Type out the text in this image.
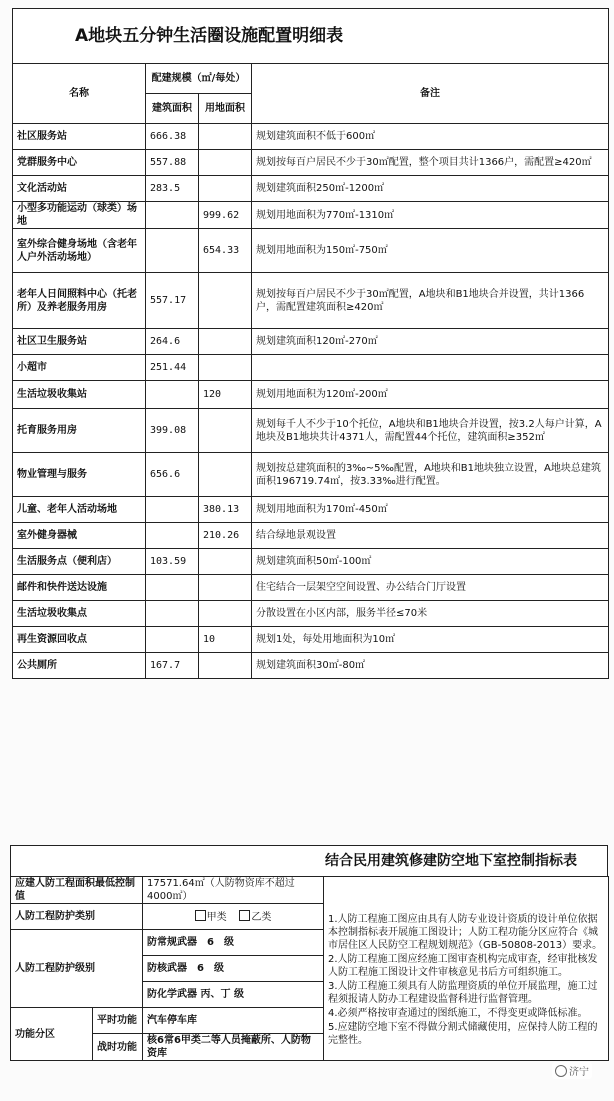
A地块五分钟生活圈设施配置明细表			
名称	配建规模（㎡/每处）		备注
	建筑面积	用地面积	
社区服务站	666.38		规划建筑面积不低于600㎡
党群服务中心	557.88		规划按每百户居民不少于30㎡配置，整个项目共计1366户，需配置≥420㎡
文化活动站	283.5		规划建筑面积250㎡-1200㎡
小型多功能运动（球类）场地		999.62	规划用地面积为770㎡-1310㎡
室外综合健身场地（含老年人户外活动场地）		654.33	规划用地面积为150㎡-750㎡
老年人日间照料中心（托老所）及养老服务用房	557.17		规划按每百户居民不少于30㎡配置，A地块和B1地块合并设置，共计1366户，需配置建筑面积≥420㎡
社区卫生服务站	264.6		规划建筑面积120㎡-270㎡
小超市	251.44		
生活垃圾收集站		120	规划用地面积为120㎡-200㎡
托育服务用房	399.08		规划每千人不少于10个托位，A地块和B1地块合并设置，按3.2人每户计算，A地块及B1地块共计4371人，需配置44个托位，建筑面积≥352㎡
物业管理与服务	656.6		规划按总建筑面积的3‰~5‰配置，A地块和B1地块独立设置，A地块总建筑面积196719.74㎡，按3.33‰进行配置。
儿童、老年人活动场地		380.13	规划用地面积为170㎡-450㎡
室外健身器械		210.26	结合绿地景观设置
生活服务点（便利店）	103.59		规划建筑面积50㎡-100㎡
邮件和快件送达设施			住宅结合一层架空空间设置、办公结合门厅设置
生活垃圾收集点			分散设置在小区内部，服务半径≤70米
再生资源回收点		10	规划1处，每处用地面积为10㎡
公共厕所	167.7		规划建筑面积30㎡-80㎡
结合民用建筑修建防空地下室控制指标表
应建人防工程面积最低控制值		17571.64㎡（人防物资库不超过4000㎡）	1.人防工程施工图应由具有人防专业设计资质的设计单位依据本控制指标表开展施工图设计；人防工程功能分区应符合《城市居住区人民防空工程规划规范》（GB-50808-2013）要求。
2.人防工程施工图应经施工图审查机构完成审查，经审批核发人防工程施工图设计文件审核意见书后方可组织施工。
3.人防工程施工须具有人防监理资质的单位开展监理，施工过程须报请人防办工程建设监督科进行监督管理。
4.必须严格按审查通过的图纸施工，不得变更或降低标准。
5.应建防空地下室不得做分割式储藏使用，应保持人防工程的完整性。

人防工程防护类别		甲类 乙类	
人防工程防护级别		防常规武器　6　级	
		防核武器　6　级	
		防化学武器 丙、丁 级	
功能分区	平时功能	汽车停车库	
	战时功能	核6常6甲类二等人员掩蔽所、人防物资库	
济宁
